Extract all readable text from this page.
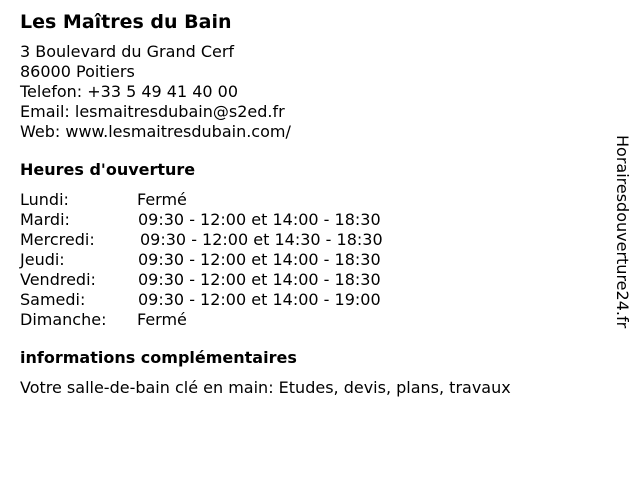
Les Maîtres du Bain
3 Boulevard du Grand Cerf
86000 Poitiers
Telefon: +33 5 49 41 40 00
Email: lesmaitresdubain@s2ed.fr
Web: www.lesmaitresdubain.com/
Heures d'ouverture
Lundi:	Fermé
Mardi:	09:30 - 12:00 et 14:00 - 18:30
Mercredi:	09:30 - 12:00 et 14:30 - 18:30
Jeudi:	09:30 - 12:00 et 14:00 - 18:30
Vendredi:	09:30 - 12:00 et 14:00 - 18:30
Samedi:	09:30 - 12:00 et 14:00 - 19:00
Dimanche: Fermé
informations complémentaires
Votre salle-de-bain clé en main: Etudes, devis, plans, travaux
Horairesdouverture24.fr
